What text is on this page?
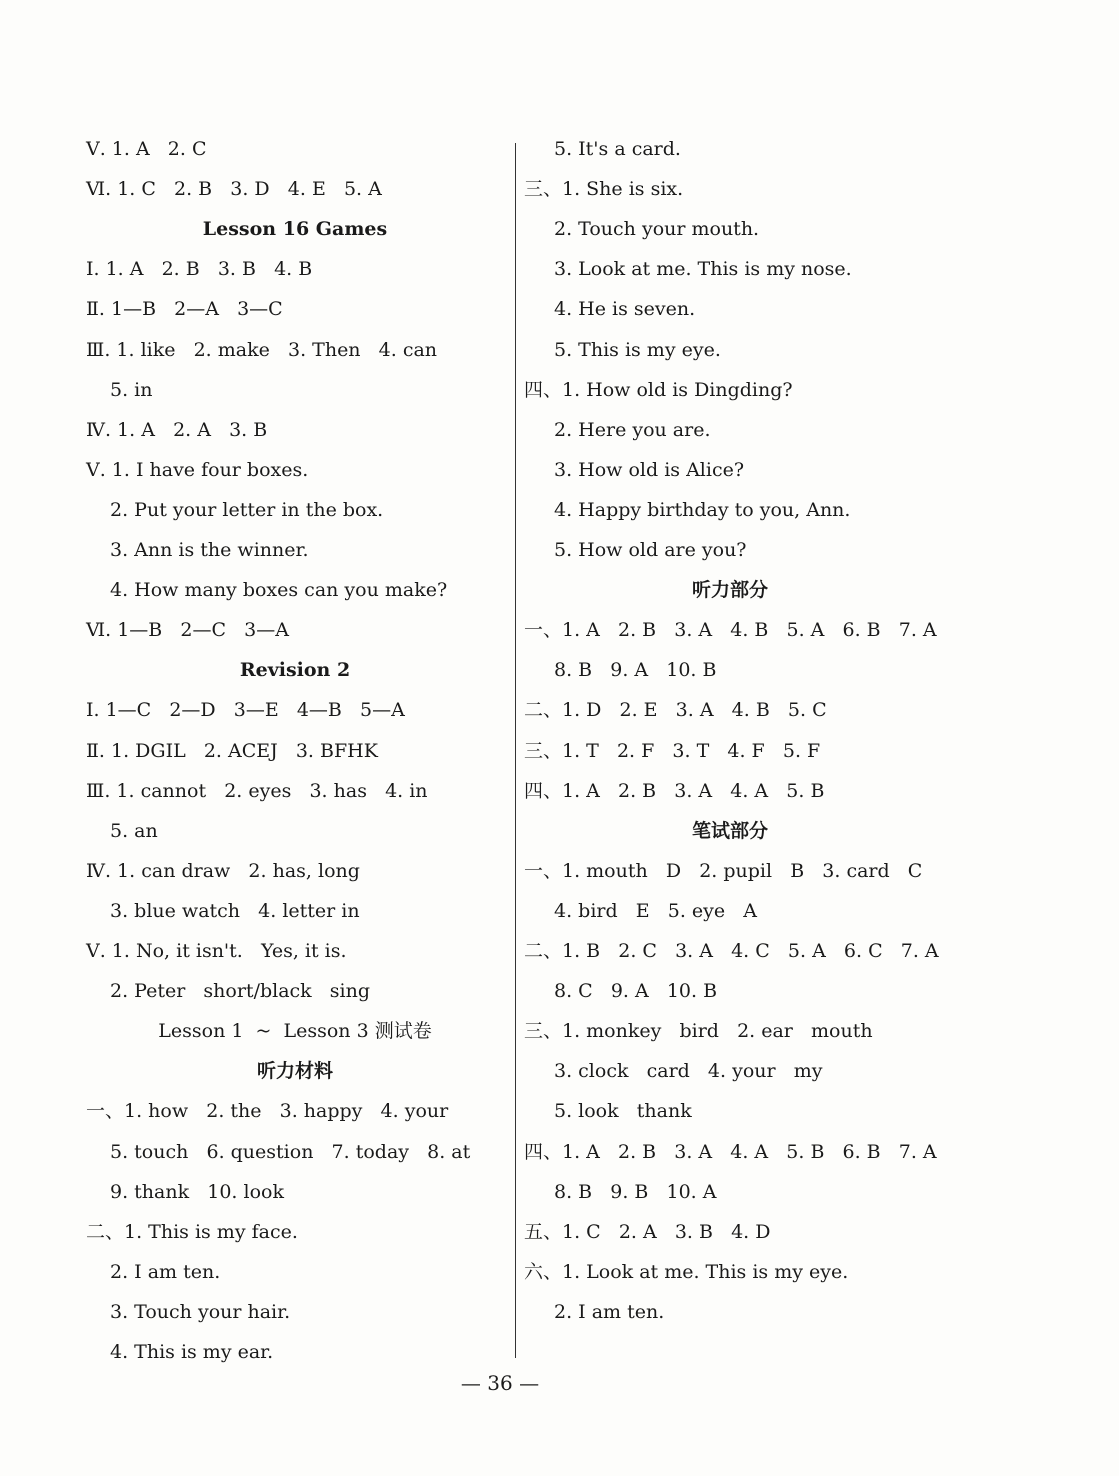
Ⅴ. 1. A   2. C
Ⅵ. 1. C   2. B   3. D   4. E   5. A
Lesson 16 Games
Ⅰ. 1. A   2. B   3. B   4. B
Ⅱ. 1—B   2—A   3—C
Ⅲ. 1. like   2. make   3. Then   4. can
5. in
Ⅳ. 1. A   2. A   3. B
Ⅴ. 1. I have four boxes.
2. Put your letter in the box.
3. Ann is the winner.
4. How many boxes can you make?
Ⅵ. 1—B   2—C   3—A
Revision 2
Ⅰ. 1—C   2—D   3—E   4—B   5—A
Ⅱ. 1. DGIL   2. ACEJ   3. BFHK
Ⅲ. 1. cannot   2. eyes   3. has   4. in
5. an
Ⅳ. 1. can draw   2. has, long
3. blue watch   4. letter in
Ⅴ. 1. No, it isn't.   Yes, it is.
2. Peter   short/black   sing
Lesson 1  ~  Lesson 3 测试卷
听力材料
一、1. how   2. the   3. happy   4. your
5. touch   6. question   7. today   8. at
9. thank   10. look
二、1. This is my face.
2. I am ten.
3. Touch your hair.
4. This is my ear.
5. It's a card.
三、1. She is six.
2. Touch your mouth.
3. Look at me. This is my nose.
4. He is seven.
5. This is my eye.
四、1. How old is Dingding?
2. Here you are.
3. How old is Alice?
4. Happy birthday to you, Ann.
5. How old are you?
听力部分
一、1. A   2. B   3. A   4. B   5. A   6. B   7. A
8. B   9. A   10. B
二、1. D   2. E   3. A   4. B   5. C
三、1. T   2. F   3. T   4. F   5. F
四、1. A   2. B   3. A   4. A   5. B
笔试部分
一、1. mouth   D   2. pupil   B   3. card   C
4. bird   E   5. eye   A
二、1. B   2. C   3. A   4. C   5. A   6. C   7. A
8. C   9. A   10. B
三、1. monkey   bird   2. ear   mouth
3. clock   card   4. your   my
5. look   thank
四、1. A   2. B   3. A   4. A   5. B   6. B   7. A
8. B   9. B   10. A
五、1. C   2. A   3. B   4. D
六、1. Look at me. This is my eye.
2. I am ten.
— 36 —
